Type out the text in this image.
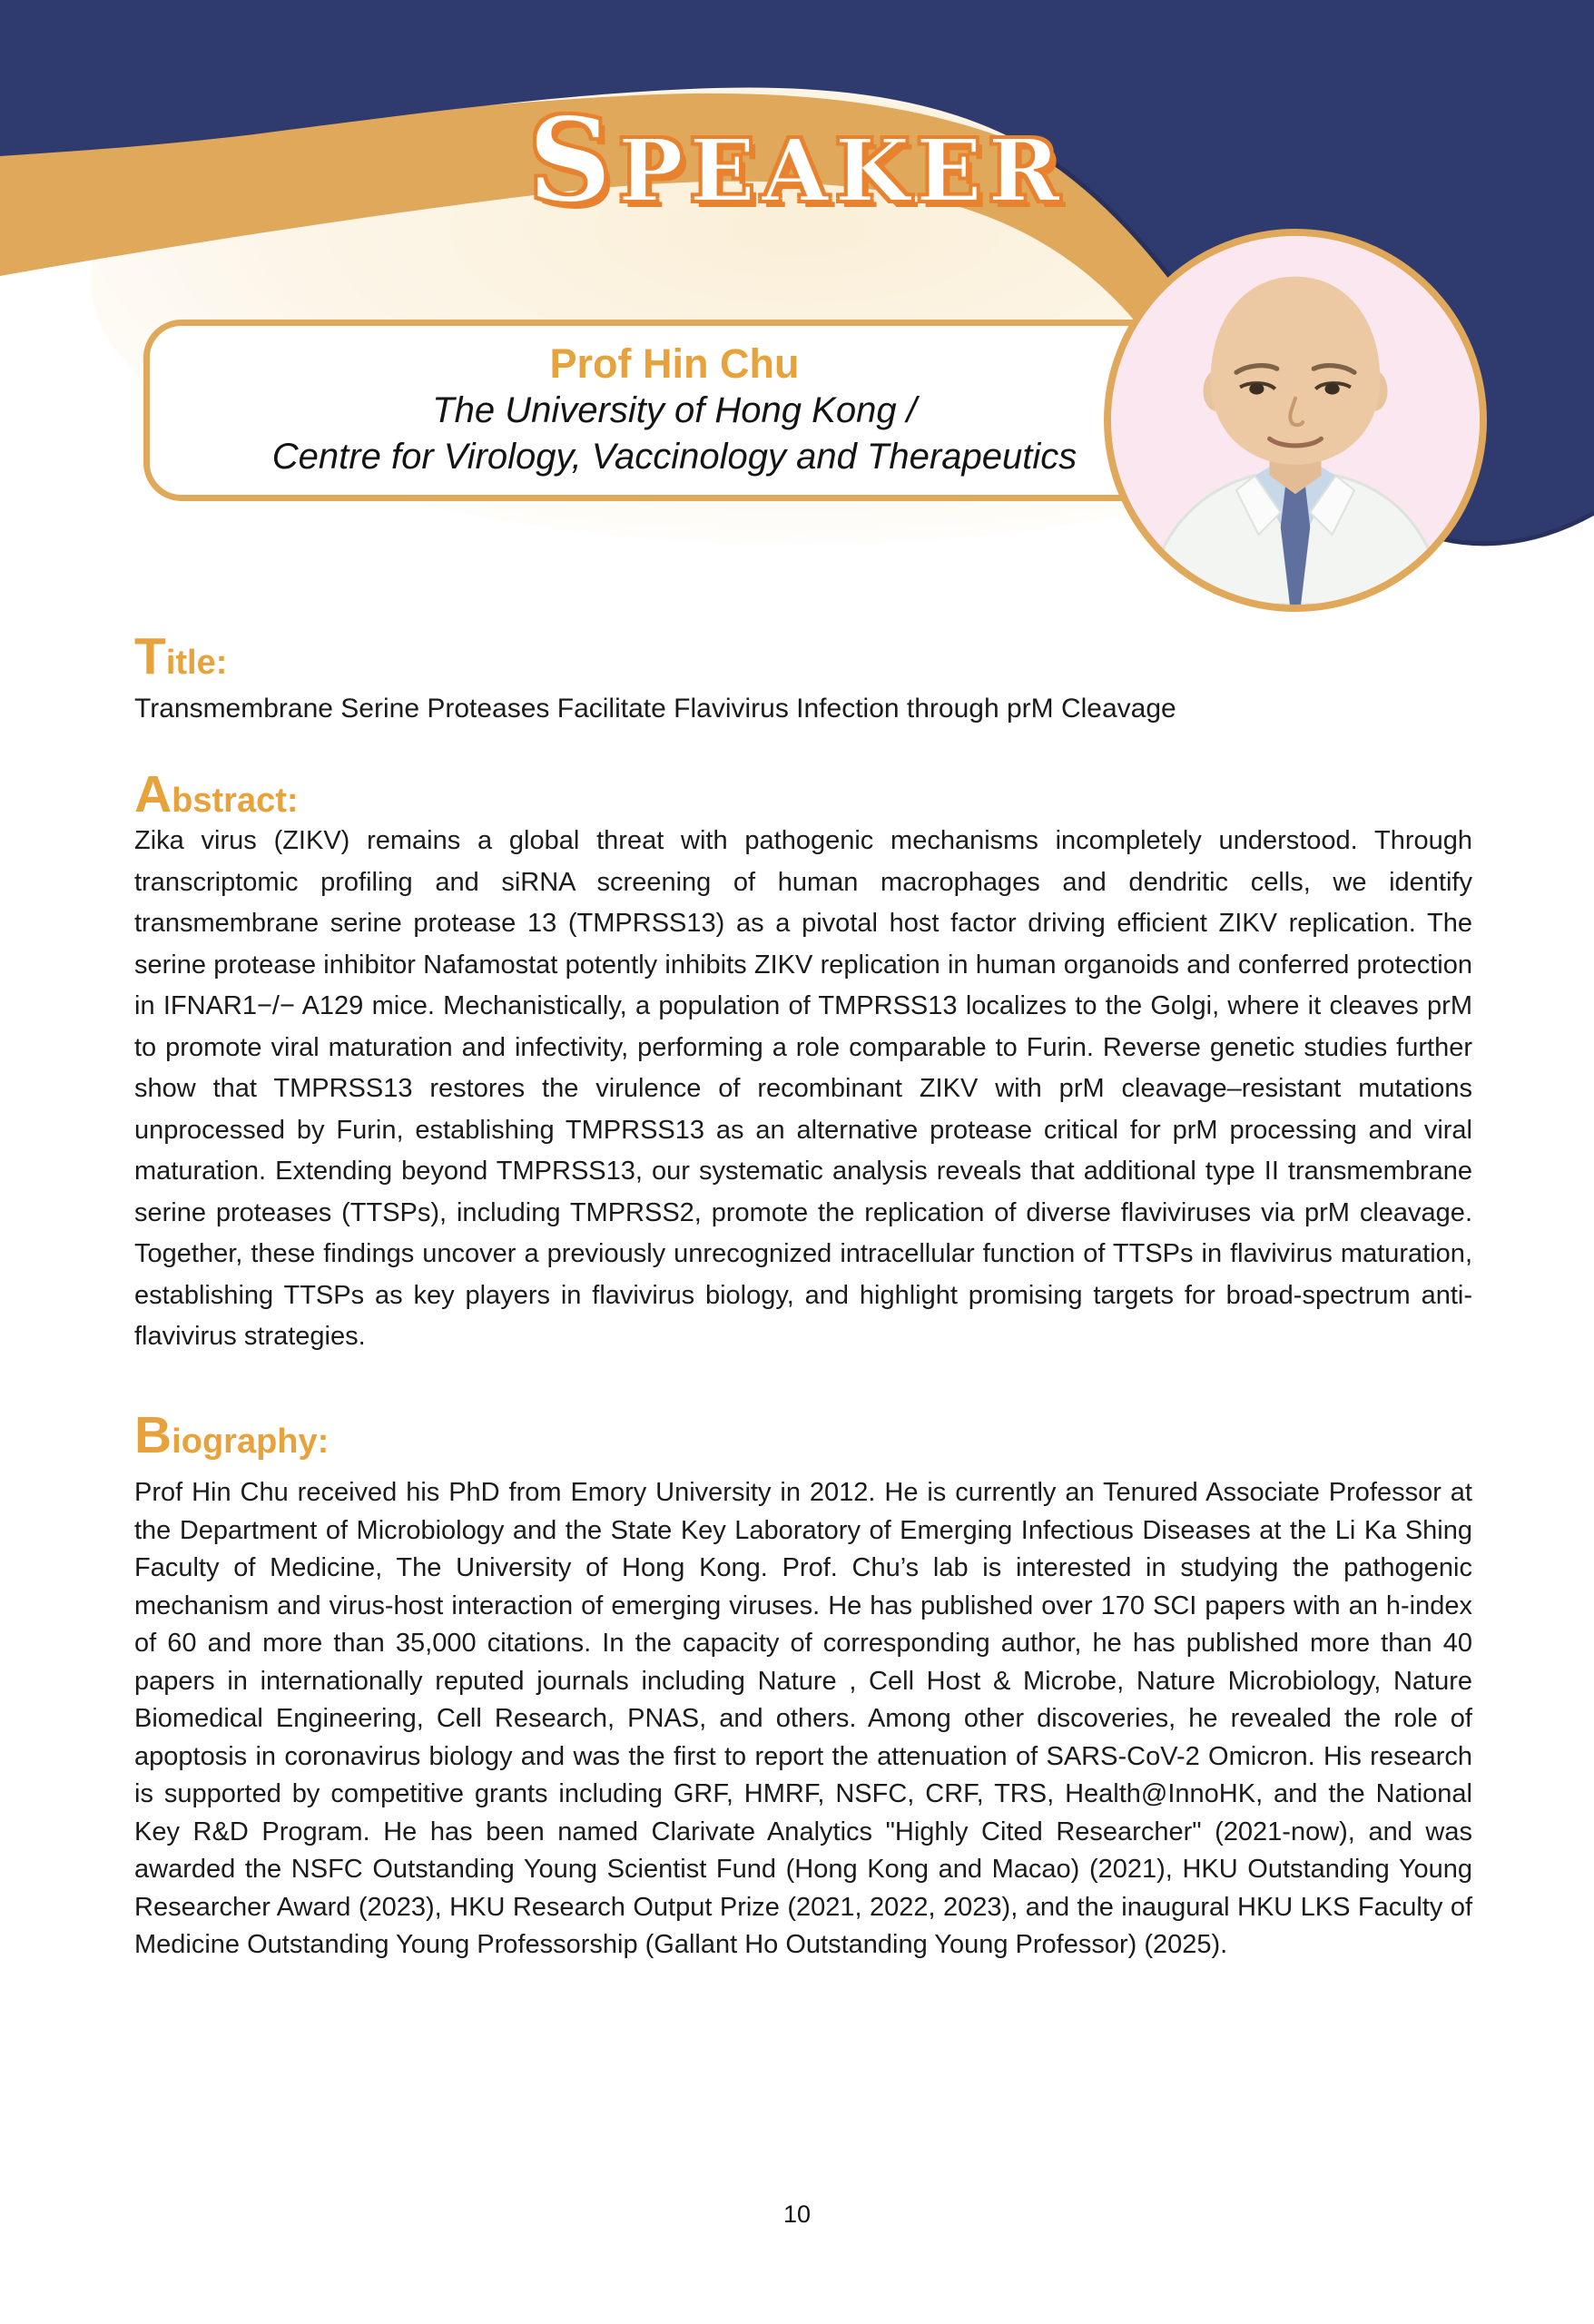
SPEAKER
Prof Hin Chu
The University of Hong Kong /
Centre for Virology, Vaccinology and Therapeutics
Title:
Transmembrane Serine Proteases Facilitate Flavivirus Infection through prM Cleavage
Abstract:
Zika virus (ZIKV) remains a global threat with pathogenic mechanisms incompletely understood. Through transcriptomic profiling and siRNA screening of human macrophages and dendritic cells, we identify transmembrane serine protease 13 (TMPRSS13) as a pivotal host factor driving efficient ZIKV replication. The serine protease inhibitor Nafamostat potently inhibits ZIKV replication in human organoids and conferred protection in IFNAR1−/− A129 mice. Mechanistically, a population of TMPRSS13 localizes to the Golgi, where it cleaves prM to promote viral maturation and infectivity, performing a role comparable to Furin. Reverse genetic studies further show that TMPRSS13 restores the virulence of recombinant ZIKV with prM cleavage–resistant mutations unprocessed by Furin, establishing TMPRSS13 as an alternative protease critical for prM processing and viral maturation. Extending beyond TMPRSS13, our systematic analysis reveals that additional type II transmembrane serine proteases (TTSPs), including TMPRSS2, promote the replication of diverse flaviviruses via prM cleavage. Together, these findings uncover a previously unrecognized intracellular function of TTSPs in flavivirus maturation, establishing TTSPs as key players in flavivirus biology, and highlight promising targets for broad-spectrum anti-flavivirus strategies.
Biography:
Prof Hin Chu received his PhD from Emory University in 2012. He is currently an Tenured Associate Professor at the Department of Microbiology and the State Key Laboratory of Emerging Infectious Diseases at the Li Ka Shing Faculty of Medicine, The University of Hong Kong. Prof. Chu’s lab is interested in studying the pathogenic mechanism and virus-host interaction of emerging viruses. He has published over 170 SCI papers with an h-index of 60 and more than 35,000 citations. In the capacity of corresponding author, he has published more than 40 papers in internationally reputed journals including Nature , Cell Host & Microbe, Nature Microbiology, Nature Biomedical Engineering, Cell Research, PNAS, and others. Among other discoveries, he revealed the role of apoptosis in coronavirus biology and was the first to report the attenuation of SARS-CoV-2 Omicron. His research is supported by competitive grants including GRF, HMRF, NSFC, CRF, TRS, Health@InnoHK, and the National Key R&D Program. He has been named Clarivate Analytics "Highly Cited Researcher" (2021-now), and was awarded the NSFC Outstanding Young Scientist Fund (Hong Kong and Macao) (2021), HKU Outstanding Young Researcher Award (2023), HKU Research Output Prize (2021, 2022, 2023), and the inaugural HKU LKS Faculty of Medicine Outstanding Young Professorship (Gallant Ho Outstanding Young Professor) (2025).
10
